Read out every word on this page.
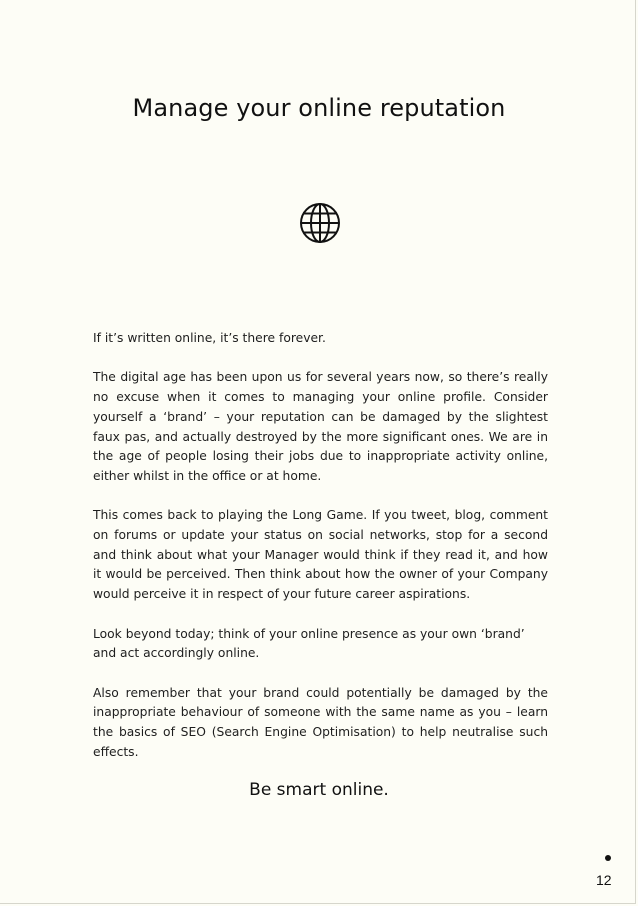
Manage your online reputation

If it’s written online, it’s there forever.

The digital age has been upon us for several years now, so there’s really no excuse when it comes to managing your online profile. Consider yourself a ‘brand’ – your reputation can be damaged by the slightest faux pas, and actually destroyed by the more significant ones. We are in the age of people losing their jobs due to inappropriate activity online, either whilst in the office or at home.

This comes back to playing the Long Game. If you tweet, blog, comment on forums or update your status on social networks, stop for a second and think about what your Manager would think if they read it, and how it would be perceived. Then think about how the owner of your Company would perceive it in respect of your future career aspirations.

Look beyond today; think of your online presence as your own ‘brand’ and act accordingly online.

Also remember that your brand could potentially be damaged by the inappropriate behaviour of someone with the same name as you – learn the basics of SEO (Search Engine Optimisation) to help neutralise such effects.

Be smart online.
12
